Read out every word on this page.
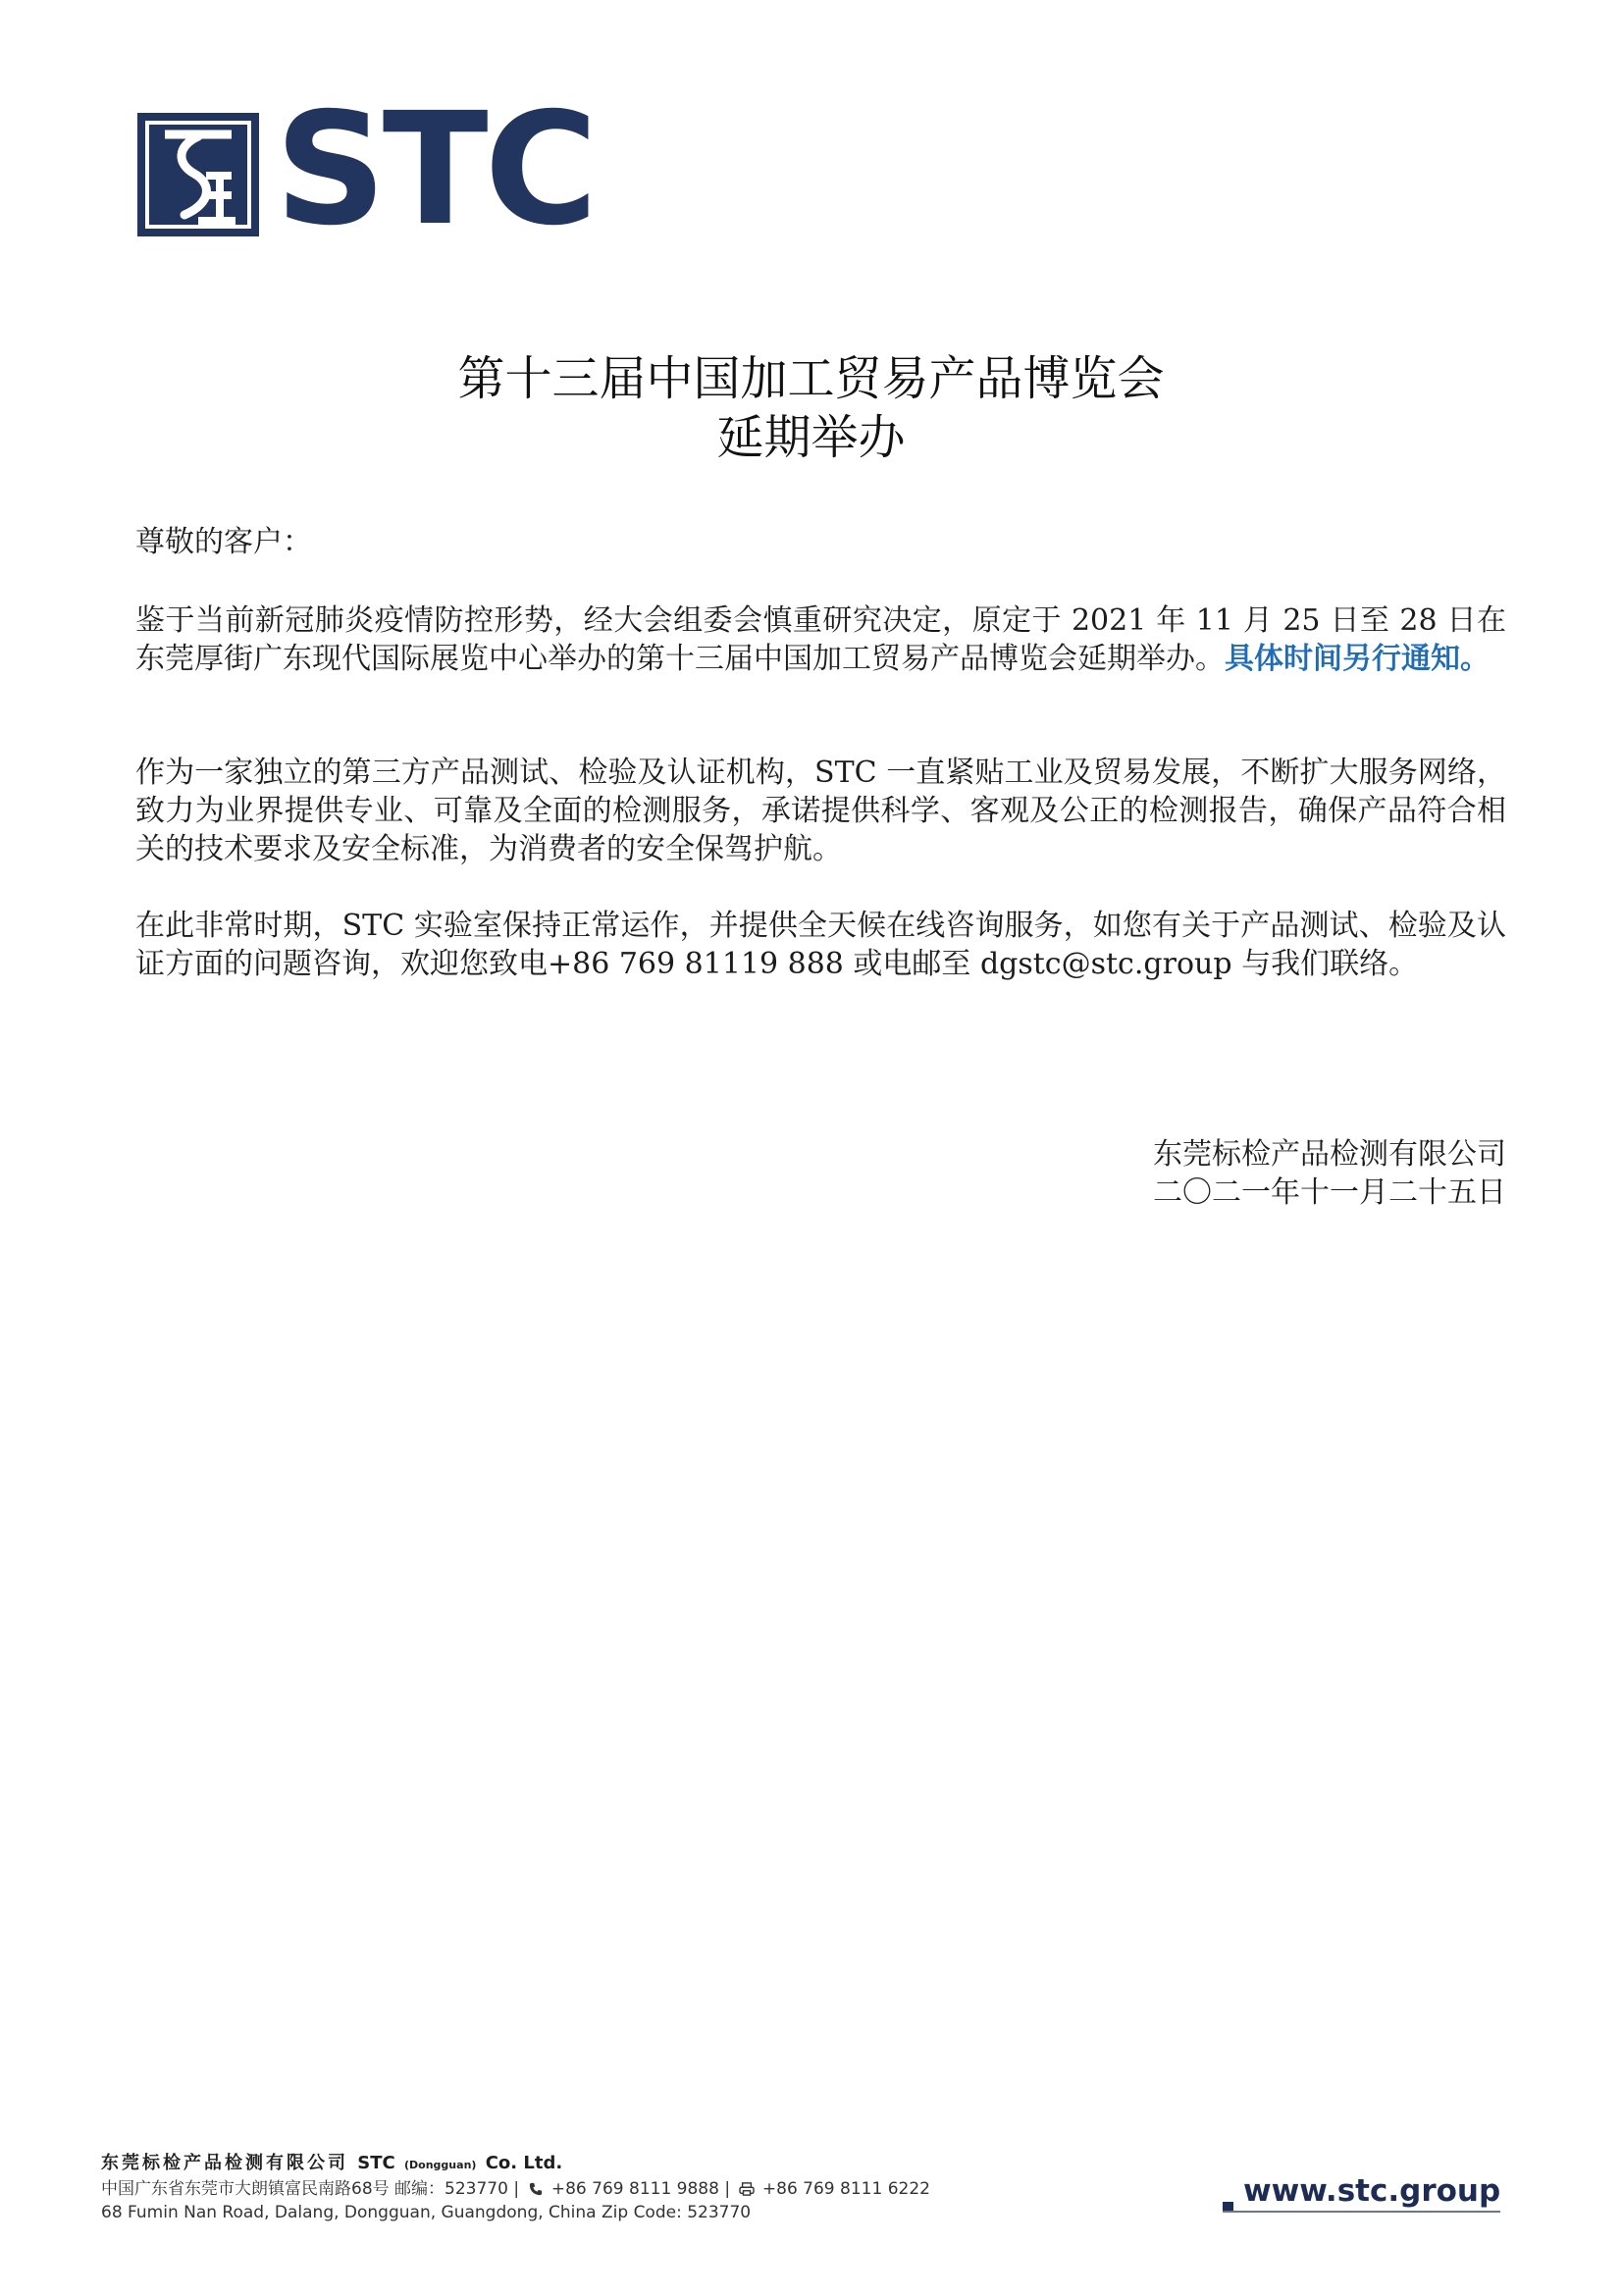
STC
第十三届中国加工贸易产品博览会
延期举办

尊敬的客户：

鉴于当前新冠肺炎疫情防控形势，经大会组委会慎重研究决定，原定于 2021 年 11 月 25 日至 28 日在东莞厚街广东现代国际展览中心举办的第十三届中国加工贸易产品博览会延期举办。具体时间另行通知。

作为一家独立的第三方产品测试、检验及认证机构，STC 一直紧贴工业及贸易发展，不断扩大服务网络，致力为业界提供专业、可靠及全面的检测服务，承诺提供科学、客观及公正的检测报告，确保产品符合相关的技术要求及安全标准，为消费者的安全保驾护航。

在此非常时期，STC 实验室保持正常运作，并提供全天候在线咨询服务，如您有关于产品测试、检验及认证方面的问题咨询，欢迎您致电+86 769 81119 888 或电邮至 dgstc@stc.group 与我们联络。

东莞标检产品检测有限公司
二〇二一年十一月二十五日
东莞标检产品检测有限公司 STC (Dongguan) Co. Ltd.
中国广东省东莞市大朗镇富民南路68号 邮编：523770 | +86 769 8111 9888 | +86 769 8111 6222
68 Fumin Nan Road, Dalang, Dongguan, Guangdong, China Zip Code: 523770
www.stc.group
